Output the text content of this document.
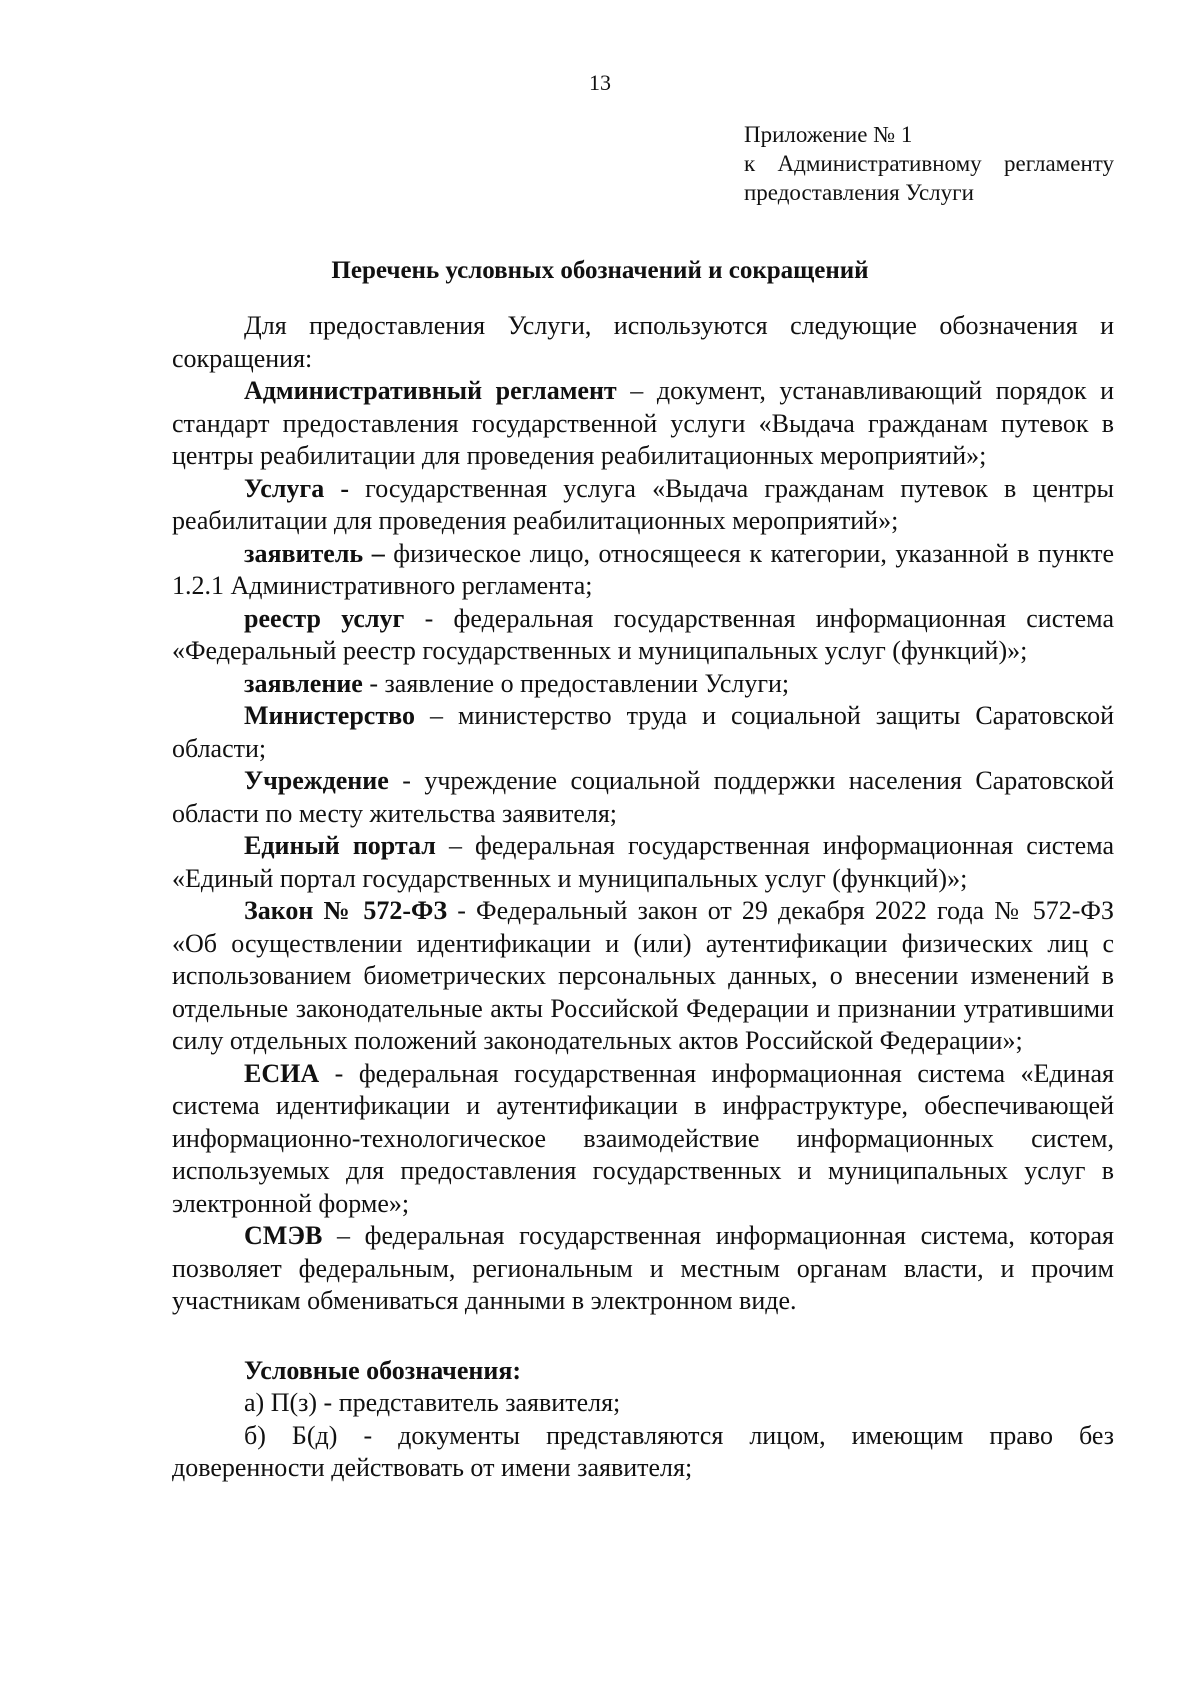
13
Приложение № 1
к Административному регламенту
предоставления Услуги
Перечень условных обозначений и сокращений

Для предоставления Услуги, используются следующие обозначения и сокращения:

Административный регламент – документ, устанавливающий порядок и стандарт предоставления государственной услуги «Выдача гражданам путевок в центры реабилитации для проведения реабилитационных мероприятий»;

Услуга - государственная услуга «Выдача гражданам путевок в центры реабилитации для проведения реабилитационных мероприятий»;

заявитель – физическое лицо, относящееся к категории, указанной в пункте 1.2.1 Административного регламента;

реестр услуг - федеральная государственная информационная система «Федеральный реестр государственных и муниципальных услуг (функций)»;

заявление - заявление о предоставлении Услуги;

Министерство – министерство труда и социальной защиты Саратовской области;

Учреждение - учреждение социальной поддержки населения Саратовской области по месту жительства заявителя;

Единый портал – федеральная государственная информационная система «Единый портал государственных и муниципальных услуг (функций)»;

Закон № 572-ФЗ - Федеральный закон от 29 декабря 2022 года № 572-ФЗ «Об осуществлении идентификации и (или) аутентификации физических лиц с использованием биометрических персональных данных, о внесении изменений в отдельные законодательные акты Российской Федерации и признании утратившими силу отдельных положений законодательных актов Российской Федерации»;

ЕСИА - федеральная государственная информационная система «Единая система идентификации и аутентификации в инфраструктуре, обеспечивающей информационно-технологическое взаимодействие информационных систем, используемых для предоставления государственных и муниципальных услуг в электронной форме»;

СМЭВ – федеральная государственная информационная система, которая позволяет федеральным, региональным и местным органам власти, и прочим участникам обмениваться данными в электронном виде.

Условные обозначения:

а) П(з) - представитель заявителя;

б) Б(д) - документы представляются лицом, имеющим право без доверенности действовать от имени заявителя;
